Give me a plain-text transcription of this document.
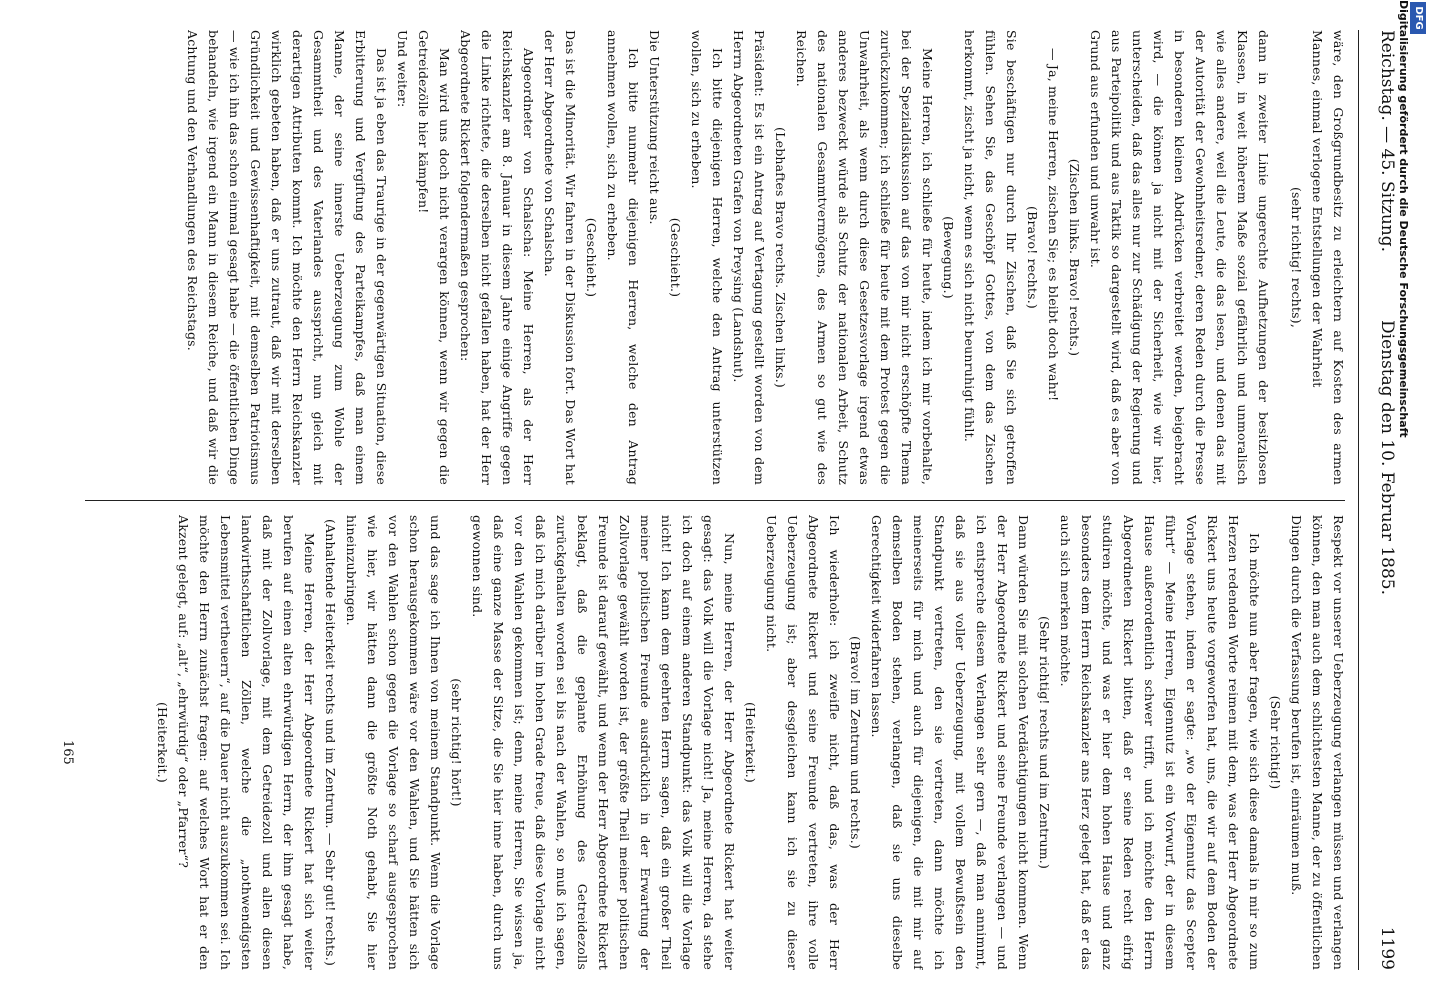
Reichstag. — 45. Sitzung.
Dienstag den 10. Februar 1885.
1199

wäre, den Großgrundbesitz zu erleichtern auf Kosten des armen Mannes, einmal verlogene Entstellungen der Wahrheit

(sehr richtig! rechts),

dann in zweiter Linie ungerechte Aufhetzungen der besitzlosen Klassen, in weit höherem Maße sozial gefährlich und unmoralisch wie alles andere, weil die Leute, die das lesen, und denen das mit der Autorität der Gewohnheitsredner, deren Reden durch die Presse in besonderen kleinen Abdrücken verbreitet werden, beigebracht wird, — die können ja nicht mit der Sicherheit, wie wir hier, unterscheiden, daß das alles nur zur Schädigung der Regierung und aus Parteipolitik und aus Taktik so dargestellt wird, daß es aber von Grund aus erfunden und unwahr ist.

(Zischen links. Bravo! rechts.)

— Ja, meine Herren, zischen Sie; es bleibt doch wahr!

(Bravo! rechts.)

Sie beschäftigen nur durch Ihr Zischen, daß Sie sich getroffen fühlen. Sehen Sie, das Geschöpf Gottes, von dem das Zischen herkommt, zischt ja nicht, wenn es sich nicht beunruhigt fühlt.

(Bewegung.)

Meine Herren, ich schließe für heute, indem ich mir vorbehalte, bei der Spezialdiskussion auf das von mir nicht erschöpfte Thema zurückzukommen; ich schließe für heute mit dem Protest gegen die Unwahrheit, als wenn durch diese Gesetzesvorlage irgend etwas anderes bezweckt würde als Schutz der nationalen Arbeit, Schutz des nationalen Gesammtvermögens, des Armen so gut wie des Reichen.

(Lebhaftes Bravo rechts. Zischen links.)

Präsident: Es ist ein Antrag auf Vertagung gestellt worden von dem Herrn Abgeordneten Grafen von Preysing (Landshut).

Ich bitte diejenigen Herren, welche den Antrag unterstützen wollen, sich zu erheben.

(Geschieht.)

Die Unterstützung reicht aus.

Ich bitte nunmehr diejenigen Herren, welche den Antrag annehmen wollen, sich zu erheben.

(Geschieht.)

Das ist die Minorität. Wir fahren in der Diskussion fort. Das Wort hat der Herr Abgeordnete von Schalscha.

Abgeordneter von Schalscha: Meine Herren, als der Herr Reichskanzler am 8. Januar in diesem Jahre einige Angriffe gegen die Linke richtete, die derselben nicht gefallen haben, hat der Herr Abgeordnete Rickert folgendermaßen gesprochen:

Man wird uns doch nicht verargen können, wenn wir gegen die Getreidezölle hier kämpfen!

Und weiter:

Das ist ja eben das Traurige in der gegenwärtigen Situation, diese Erbitterung und Vergiftung des Parteikampfes, daß man einem Manne, der seine innerste Ueberzeugung zum Wohle der Gesammtheit und des Vaterlandes ausspricht, nun gleich mit derartigen Attributen kommt. Ich möchte den Herrn Reichskanzler wirklich gebeten haben, daß er uns zutraut, daß wir mit derselben Gründlichkeit und Gewissenhaftigkeit, mit demselben Patriotismus — wie ich ihn das schon einmal gesagt habe — die öffentlichen Dinge behandeln, wie irgend ein Mann in diesem Reiche, und daß wir die Achtung und den Verhandlungen des Reichstags.

Respekt vor unserer Ueberzeugung verlangen müssen und verlangen können, den man auch dem schlichtesten Manne, der zu öffentlichen Dingen durch die Verfassung berufen ist, einräumen muß.

(Sehr richtig!)

Ich möchte nun aber fragen, wie sich diese damals in mir so zum Herzen redenden Worte reimen mit dem, was der Herr Abgeordnete Rickert uns heute vorgeworfen hat, uns, die wir auf dem Boden der Vorlage stehen, indem er sagte: „wo der Eigennutz das Scepter führt“ — Meine Herren, Eigennutz ist ein Vorwurf, der in diesem Hause außerordentlich schwer trifft, und ich möchte den Herrn Abgeordneten Rickert bitten, daß er seine Reden recht eifrig studiren möchte, und was er hier dem hohen Hause und ganz besonders dem Herrn Reichskanzler ans Herz gelegt hat, daß er das auch sich merken möchte.

(Sehr richtig! rechts und im Zentrum.)

Dann würden Sie mit solchen Verdächtigungen nicht kommen. Wenn der Herr Abgeordnete Rickert und seine Freunde verlangen — und ich entspreche diesem Verlangen sehr gern —, daß man annimmt, daß sie aus voller Ueberzeugung, mit vollem Bewußtsein den Standpunkt vertreten, den sie vertreten, dann möchte ich meinerseits für mich und auch für diejenigen, die mit mir auf demselben Boden stehen, verlangen, daß sie uns dieselbe Gerechtigkeit widerfahren lassen.

(Bravo! im Zentrum und rechts.)

Ich wiederhole: ich zweifle nicht, daß das, was der Herr Abgeordnete Rickert und seine Freunde vertreten, ihre volle Ueberzeugung ist; aber desgleichen kann ich sie zu dieser Ueberzeugung nicht.

(Heiterkeit.)

Nun, meine Herren, der Herr Abgeordnete Rickert hat weiter gesagt: das Volk will die Vorlage nicht! Ja, meine Herren, da stehe ich doch auf einem anderen Standpunkt: das Volk will die Vorlage nicht! Ich kann dem geehrten Herrn sagen, daß ein großer Theil meiner politischen Freunde ausdrücklich in der Erwartung der Zollvorlage gewählt worden ist, der größte Theil meiner politischen Freunde ist darauf gewählt, und wenn der Herr Abgeordnete Rickert beklagt, daß die geplante Erhöhung des Getreidezolls zurückgehalten worden sei bis nach der Wahlen, so muß ich sagen, daß ich mich darüber im hohen Grade freue, daß diese Vorlage nicht vor den Wahlen gekommen ist; denn, meine Herren, Sie wissen ja, daß eine ganze Masse der Sitze, die Sie hier inne haben, durch uns gewonnen sind.

(sehr richtig! hört!)

und das sage ich Ihnen von meinem Standpunkt. Wenn die Vorlage schon herausgekommen wäre vor den Wahlen, und Sie hätten sich vor den Wahlen schon gegen die Vorlage so scharf ausgesprochen wie hier, wir hätten dann die größte Noth gehabt, Sie hier hineinzubringen.

(Anhaltende Heiterkeit rechts und im Zentrum. — Sehr gut! rechts.)

Meine Herren, der Herr Abgeordnete Rickert hat sich weiter berufen auf einen alten ehrwürdigen Herrn, der ihm gesagt habe, daß mit der Zollvorlage, mit dem Getreidezoll und allen diesen landwirthschaftlichen Zöllen, welche die „nothwendigsten Lebensmittel vertheuern“, auf die Dauer nicht auszukommen sei. Ich möchte den Herrn zunächst fragen: auf welches Wort hat er den Akzent gelegt, auf: „alt“, „ehrwürdig“ oder „Pfarrer“?

(Heiterkeit.)

165
Digitalisierung gefördert durch die Deutsche Forschungsgemeinschaft DFG
